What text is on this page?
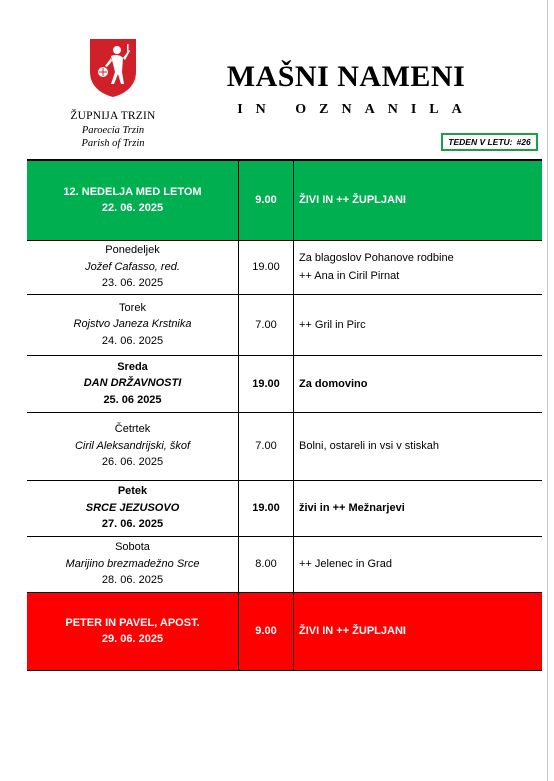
ŽUPNIJA TRZIN
Paroecia Trzin
Parish of Trzin
MAŠNI NAMENI
IN OZNANILA
TEDEN V LETU: #26
12. NEDELJA MED LETOM
22. 06. 2025	9.00	ŽIVI IN ++ ŽUPLJANI

Ponedeljek
Jožef Cafasso, red.
23. 06. 2025	19.00	Za blagoslov Pohanove rodbine
++ Ana in Ciril Pirnat

Torek
Rojstvo Janeza Krstnika
24. 06. 2025	7.00	++ Gril in Pirc

Sreda
DAN DRŽAVNOSTI
25. 06 2025	19.00	Za domovino

Četrtek
Ciril Aleksandrijski, škof
26. 06. 2025	7.00	Bolni, ostareli in vsi v stiskah

Petek
SRCE JEZUSOVO
27. 06. 2025	19.00	živi in ++ Mežnarjevi

Sobota
Marijino brezmadežno Srce
28. 06. 2025	8.00	++ Jelenec in Grad

PETER IN PAVEL, APOST.
29. 06. 2025	9.00	ŽIVI IN ++ ŽUPLJANI
